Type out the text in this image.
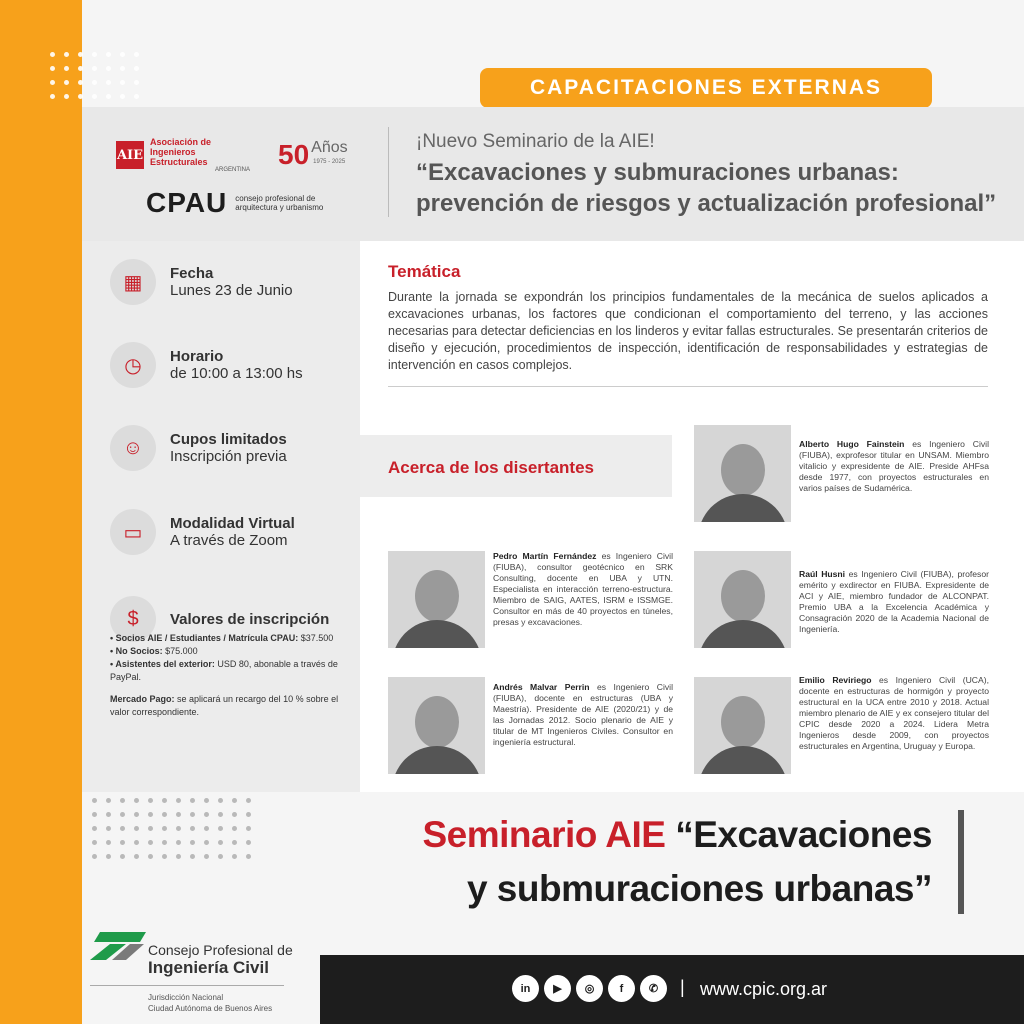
CAPACITACIONES EXTERNAS
AIE
Asociación de Ingenieros Estructurales
ARGENTINA 50 Años
1975 - 2025
CPAU consejo profesional de arquitectura y urbanismo
¡Nuevo Seminario de la AIE!
“Excavaciones y submuraciones urbanas: prevención de riesgos y actualización profesional”
▦	Fecha
Lunes 23 de Junio
◷	Horario
de 10:00 a 13:00 hs
☺	Cupos limitados
Inscripción previa
▭	Modalidad Virtual
A través de Zoom
$	Valores de inscripción
• Socios AIE / Estudiantes / Matrícula CPAU: $37.500
• No Socios: $75.000
• Asistentes del exterior: USD 80, abonable a través de PayPal.
Mercado Pago: se aplicará un recargo del 10 % sobre el valor correspondiente.
Temática
Durante la jornada se expondrán los principios fundamentales de la mecánica de suelos aplicados a excavaciones urbanas, los factores que condicionan el comportamiento del terreno, y las acciones necesarias para detectar deficiencias en los linderos y evitar fallas estructurales. Se presentarán criterios de diseño y ejecución, procedimientos de inspección, identificación de responsabilidades y estrategias de intervención en casos complejos.
Acerca de los disertantes
Alberto Hugo Fainstein es Ingeniero Civil (FIUBA), exprofesor titular en UNSAM. Miembro vitalicio y expresidente de AIE. Preside AHFsa desde 1977, con proyectos estructurales en varios países de Sudamérica.
Pedro Martín Fernández es Ingeniero Civil (FIUBA), consultor geotécnico en SRK Consulting, docente en UBA y UTN. Especialista en interacción terreno-estructura. Miembro de SAIG, AATES, ISRM e ISSMGE. Consultor en más de 40 proyectos en túneles, presas y excavaciones.
Raúl Husni es Ingeniero Civil (FIUBA), profesor emérito y exdirector en FIUBA. Expresidente de ACI y AIE, miembro fundador de ALCONPAT. Premio UBA a la Excelencia Académica y Consagración 2020 de la Academia Nacional de Ingeniería.
Andrés Malvar Perrin es Ingeniero Civil (FIUBA), docente en estructuras (UBA y Maestría). Presidente de AIE (2020/21) y de las Jornadas 2012. Socio plenario de AIE y titular de MT Ingenieros Civiles. Consultor en ingeniería estructural.
Emilio Reviriego es Ingeniero Civil (UCA), docente en estructuras de hormigón y proyecto estructural en la UCA entre 2010 y 2018. Actual miembro plenario de AIE y ex consejero titular del CPIC desde 2020 a 2024. Lidera Metra Ingenieros desde 2009, con proyectos estructurales en Argentina, Uruguay y Europa.
Seminario AIE “Excavaciones
y submuraciones urbanas”
Consejo Profesional de
Ingeniería Civil
Jurisdicción Nacional
Ciudad Autónoma de Buenos Aires
in	▶	◎	f	✆	| www.cpic.org.ar
